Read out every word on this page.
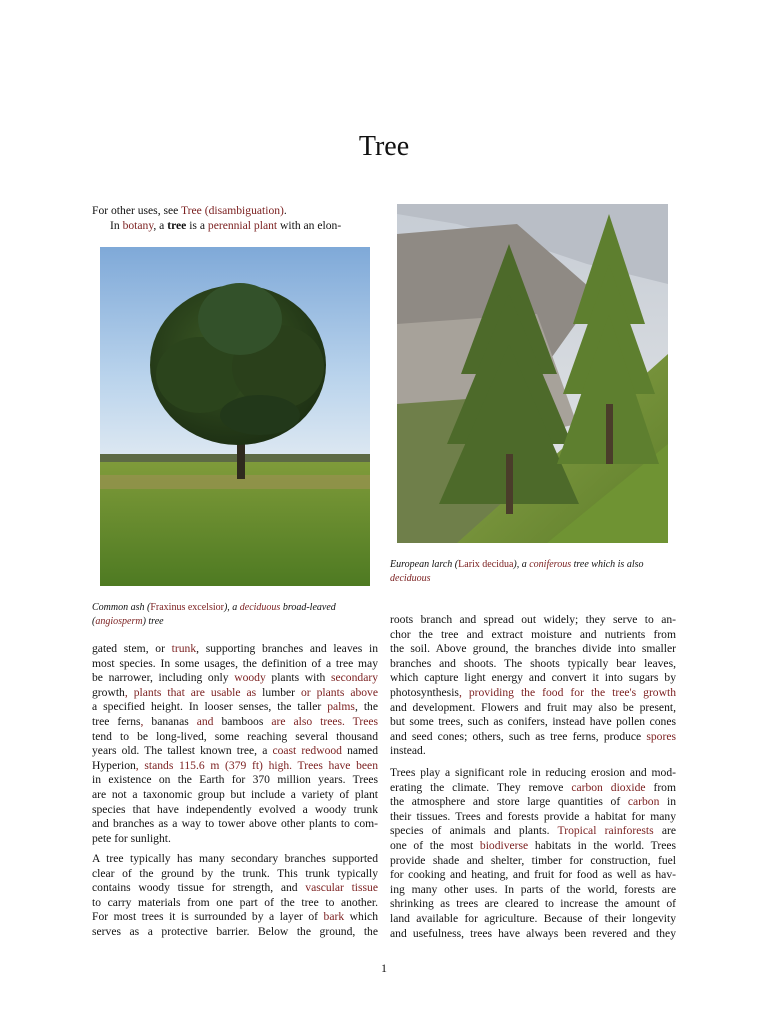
Tree
For other uses, see Tree (disambiguation).
In botany, a tree is a perennial plant with an elon-
European larch (Larix decidua), a coniferous tree which is also
deciduous
Common ash (Fraxinus excelsior), a deciduous broad-leaved
(angiosperm) tree
gated stem, or trunk, supporting branches and leaves in
most species. In some usages, the definition of a tree may
be narrower, including only woody plants with secondary
growth, plants that are usable as lumber or plants above
a specified height. In looser senses, the taller palms, the
tree ferns, bananas and bamboos are also trees. Trees
tend to be long-lived, some reaching several thousand
years old. The tallest known tree, a coast redwood named
Hyperion, stands 115.6 m (379 ft) high. Trees have been
in existence on the Earth for 370 million years. Trees
are not a taxonomic group but include a variety of plant
species that have independently evolved a woody trunk
and branches as a way to tower above other plants to com-
pete for sunlight.
A tree typically has many secondary branches supported
clear of the ground by the trunk. This trunk typically
contains woody tissue for strength, and vascular tissue
to carry materials from one part of the tree to another.
For most trees it is surrounded by a layer of bark which
serves as a protective barrier. Below the ground, the
roots branch and spread out widely; they serve to an-
chor the tree and extract moisture and nutrients from
the soil. Above ground, the branches divide into smaller
branches and shoots. The shoots typically bear leaves,
which capture light energy and convert it into sugars by
photosynthesis, providing the food for the tree's growth
and development. Flowers and fruit may also be present,
but some trees, such as conifers, instead have pollen cones
and seed cones; others, such as tree ferns, produce spores
instead.
Trees play a significant role in reducing erosion and mod-
erating the climate. They remove carbon dioxide from
the atmosphere and store large quantities of carbon in
their tissues. Trees and forests provide a habitat for many
species of animals and plants. Tropical rainforests are
one of the most biodiverse habitats in the world. Trees
provide shade and shelter, timber for construction, fuel
for cooking and heating, and fruit for food as well as hav-
ing many other uses. In parts of the world, forests are
shrinking as trees are cleared to increase the amount of
land available for agriculture. Because of their longevity
and usefulness, trees have always been revered and they
1
